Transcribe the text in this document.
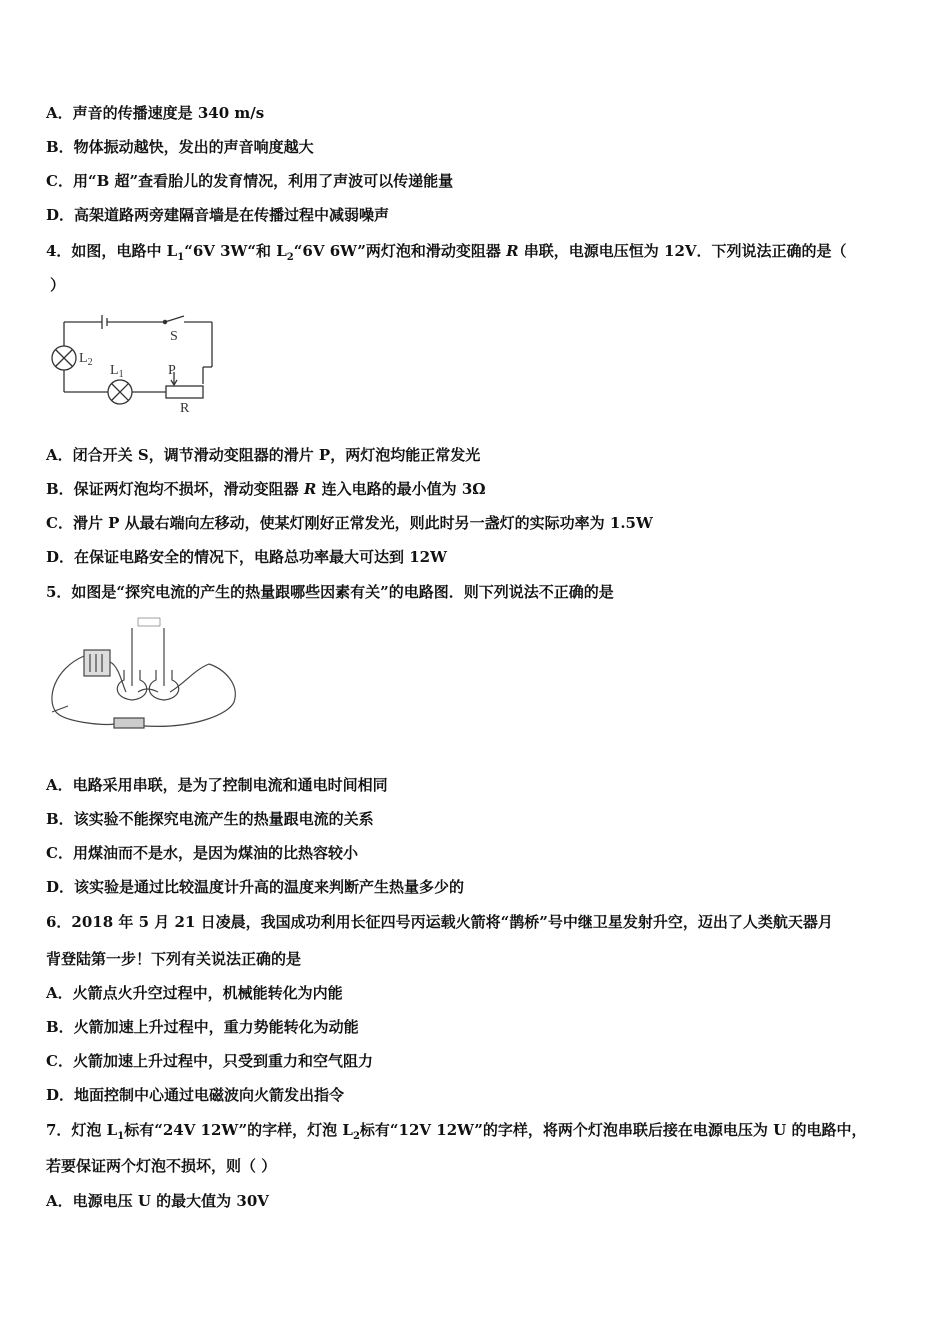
A．声音的传播速度是 340 m/s
B．物体振动越快，发出的声音响度越大
C．用“B 超”查看胎儿的发育情况，利用了声波可以传递能量
D．高架道路两旁建隔音墙是在传播过程中减弱噪声
4．如图，电路中 $L_1“6V$ 3W“和 $L_2“6V$ 6W”两灯泡和滑动变阻器 R 串联，电源电压恒为 12V．下列说法正确的是（
）
S
$L_2$
$L_1$	P
R
A．闭合开关 S，调节滑动变阻器的滑片 P，两灯泡均能正常发光
B．保证两灯泡均不损坏，滑动变阻器 R 连入电路的最小值为 3Ω
C．滑片 P 从最右端向左移动，使某灯刚好正常发光，则此时另一盏灯的实际功率为 1.5W
D．在保证电路安全的情况下，电路总功率最大可达到 12W
5．如图是“探究电流的产生的热量跟哪些因素有关”的电路图．则下列说法不正确的是
A．电路采用串联，是为了控制电流和通电时间相同
B．该实验不能探究电流产生的热量跟电流的关系
C．用煤油而不是水，是因为煤油的比热容较小
D．该实验是通过比较温度计升高的温度来判断产生热量多少的
6．2018 年 5 月 21 日凌晨，我国成功利用长征四号丙运载火箭将“鹊桥”号中继卫星发射升空，迈出了人类航天器月
背登陆第一步！下列有关说法正确的是
A．火箭点火升空过程中，机械能转化为内能
B．火箭加速上升过程中，重力势能转化为动能
C．火箭加速上升过程中，只受到重力和空气阻力
D．地面控制中心通过电磁波向火箭发出指令
7．灯泡 $L_1$标有“24V 12W”的字样，灯泡 $L_2$标有“12V 12W”的字样，将两个灯泡串联后接在电源电压为 U 的电路中，
若要保证两个灯泡不损坏，则（ ）
A．电源电压 U 的最大值为 30V
